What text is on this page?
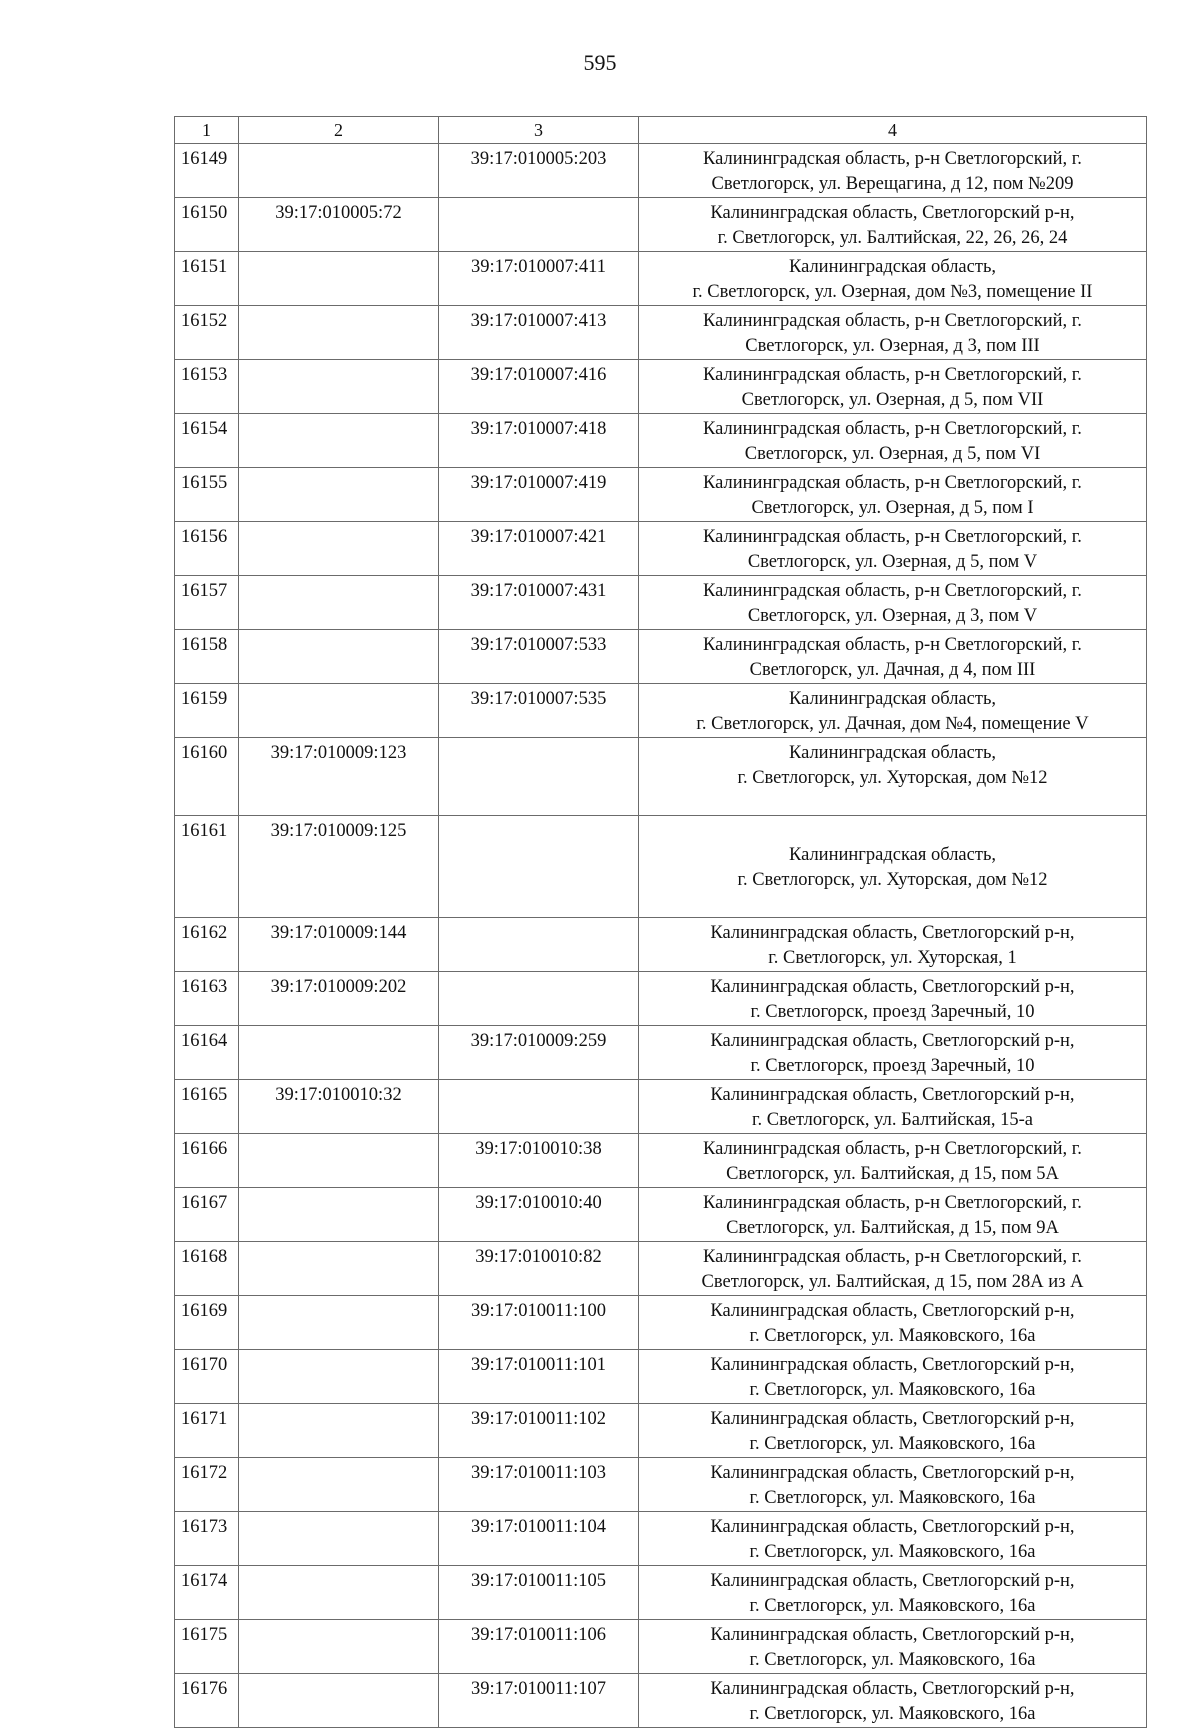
595
1	2	3	4
16149		39:17:010005:203	Калининградская область, р-н Светлогорский, г.
Светлогорск, ул. Верещагина, д 12, пом №209
16150	39:17:010005:72		Калининградская область, Светлогорский р-н,
г. Светлогорск, ул. Балтийская, 22, 26, 26, 24
16151		39:17:010007:411	Калининградская область,
г. Светлогорск, ул. Озерная, дом №3, помещение II
16152		39:17:010007:413	Калининградская область, р-н Светлогорский, г.
Светлогорск, ул. Озерная, д 3, пом III
16153		39:17:010007:416	Калининградская область, р-н Светлогорский, г.
Светлогорск, ул. Озерная, д 5, пом VII
16154		39:17:010007:418	Калининградская область, р-н Светлогорский, г.
Светлогорск, ул. Озерная, д 5, пом VI
16155		39:17:010007:419	Калининградская область, р-н Светлогорский, г.
Светлогорск, ул. Озерная, д 5, пом I
16156		39:17:010007:421	Калининградская область, р-н Светлогорский, г.
Светлогорск, ул. Озерная, д 5, пом V
16157		39:17:010007:431	Калининградская область, р-н Светлогорский, г.
Светлогорск, ул. Озерная, д 3, пом V
16158		39:17:010007:533	Калининградская область, р-н Светлогорский, г.
Светлогорск, ул. Дачная, д 4, пом III
16159		39:17:010007:535	Калининградская область,
г. Светлогорск, ул. Дачная, дом №4, помещение V
16160	39:17:010009:123		Калининградская область,
г. Светлогорск, ул. Хуторская, дом №12
16161	39:17:010009:125		Калининградская область,
г. Светлогорск, ул. Хуторская, дом №12
16162	39:17:010009:144		Калининградская область, Светлогорский р-н,
г. Светлогорск, ул. Хуторская, 1
16163	39:17:010009:202		Калининградская область, Светлогорский р-н,
г. Светлогорск, проезд Заречный, 10
16164		39:17:010009:259	Калининградская область, Светлогорский р-н,
г. Светлогорск, проезд Заречный, 10
16165	39:17:010010:32		Калининградская область, Светлогорский р-н,
г. Светлогорск, ул. Балтийская, 15-а
16166		39:17:010010:38	Калининградская область, р-н Светлогорский, г.
Светлогорск, ул. Балтийская, д 15, пом 5А
16167		39:17:010010:40	Калининградская область, р-н Светлогорский, г.
Светлогорск, ул. Балтийская, д 15, пом 9А
16168		39:17:010010:82	Калининградская область, р-н Светлогорский, г.
Светлогорск, ул. Балтийская, д 15, пом 28А из А
16169		39:17:010011:100	Калининградская область, Светлогорский р-н,
г. Светлогорск, ул. Маяковского, 16а
16170		39:17:010011:101	Калининградская область, Светлогорский р-н,
г. Светлогорск, ул. Маяковского, 16а
16171		39:17:010011:102	Калининградская область, Светлогорский р-н,
г. Светлогорск, ул. Маяковского, 16а
16172		39:17:010011:103	Калининградская область, Светлогорский р-н,
г. Светлогорск, ул. Маяковского, 16а
16173		39:17:010011:104	Калининградская область, Светлогорский р-н,
г. Светлогорск, ул. Маяковского, 16а
16174		39:17:010011:105	Калининградская область, Светлогорский р-н,
г. Светлогорск, ул. Маяковского, 16а
16175		39:17:010011:106	Калининградская область, Светлогорский р-н,
г. Светлогорск, ул. Маяковского, 16а
16176		39:17:010011:107	Калининградская область, Светлогорский р-н,
г. Светлогорск, ул. Маяковского, 16а
